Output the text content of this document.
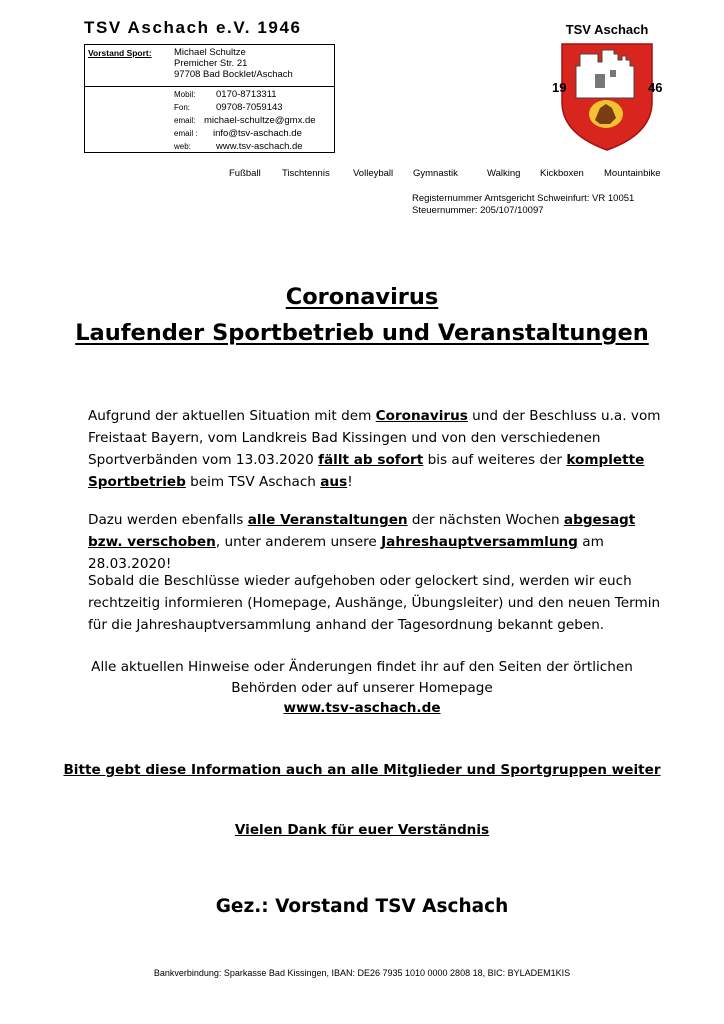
TSV Aschach e.V. 1946
Vorstand Sport: Michael Schultze
Premicher Str. 21
97708 Bad Bocklet/Aschach
Mobil: 0170-8713311
Fon:	09708-7059143
email: michael-schultze@gmx.de
email : info@tsv-aschach.de
web:	www.tsv-aschach.de
TSV Aschach
19	46
Fußball Tischtennis Volleyball Gymnastik	Walking Kickboxen Mountainbike
Registernummer Amtsgericht Schweinfurt: VR 10051
Steuernummer: 205/107/10097
Coronavirus
Laufender Sportbetrieb und Veranstaltungen
Aufgrund der aktuellen Situation mit dem Coronavirus und der Beschluss u.a. vom Freistaat Bayern, vom Landkreis Bad Kissingen und von den verschiedenen Sportverbänden vom 13.03.2020 fällt ab sofort bis auf weiteres der komplette Sportbetrieb beim TSV Aschach aus!
Dazu werden ebenfalls alle Veranstaltungen der nächsten Wochen abgesagt bzw. verschoben, unter anderem unsere Jahreshauptversammlung am 28.03.2020!
Sobald die Beschlüsse wieder aufgehoben oder gelockert sind, werden wir euch rechtzeitig informieren (Homepage, Aushänge, Übungsleiter) und den neuen Termin für die Jahreshauptversammlung anhand der Tagesordnung bekannt geben.
Alle aktuellen Hinweise oder Änderungen findet ihr auf den Seiten der örtlichen
Behörden oder auf unserer Homepage
www.tsv-aschach.de
Bitte gebt diese Information auch an alle Mitglieder und Sportgruppen weiter
Vielen Dank für euer Verständnis
Gez.: Vorstand TSV Aschach
Bankverbindung: Sparkasse Bad Kissingen, IBAN: DE26 7935 1010 0000 2808 18, BIC: BYLADEM1KIS
